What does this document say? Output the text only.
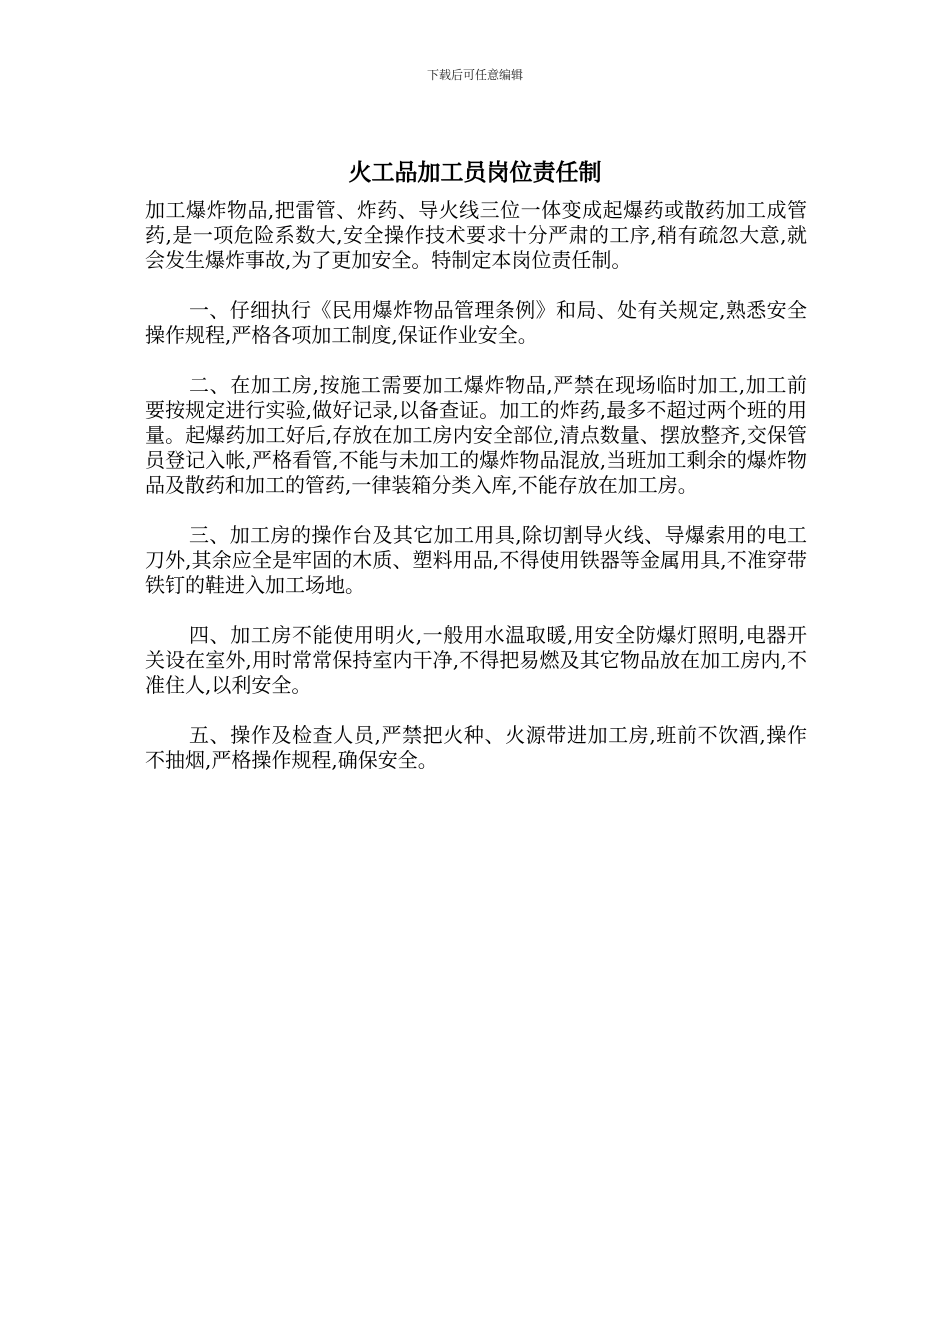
下载后可任意编辑
火工品加工员岗位责任制

加工爆炸物品,把雷管、炸药、导火线三位一体变成起爆药或散药加工成管药,是一项危险系数大,安全操作技术要求十分严肃的工序,稍有疏忽大意,就会发生爆炸事故,为了更加安全。特制定本岗位责任制。

一、仔细执行《民用爆炸物品管理条例》和局、处有关规定,熟悉安全操作规程,严格各项加工制度,保证作业安全。

二、在加工房,按施工需要加工爆炸物品,严禁在现场临时加工,加工前要按规定进行实验,做好记录,以备查证。加工的炸药,最多不超过两个班的用量。起爆药加工好后,存放在加工房内安全部位,清点数量、摆放整齐,交保管员登记入帐,严格看管,不能与未加工的爆炸物品混放,当班加工剩余的爆炸物品及散药和加工的管药,一律装箱分类入库,不能存放在加工房。

三、加工房的操作台及其它加工用具,除切割导火线、导爆索用的电工刀外,其余应全是牢固的木质、塑料用品,不得使用铁器等金属用具,不准穿带铁钉的鞋进入加工场地。

四、加工房不能使用明火,一般用水温取暖,用安全防爆灯照明,电器开关设在室外,用时常常保持室内干净,不得把易燃及其它物品放在加工房内,不准住人,以利安全。

五、操作及检查人员,严禁把火种、火源带进加工房,班前不饮酒,操作不抽烟,严格操作规程,确保安全。
